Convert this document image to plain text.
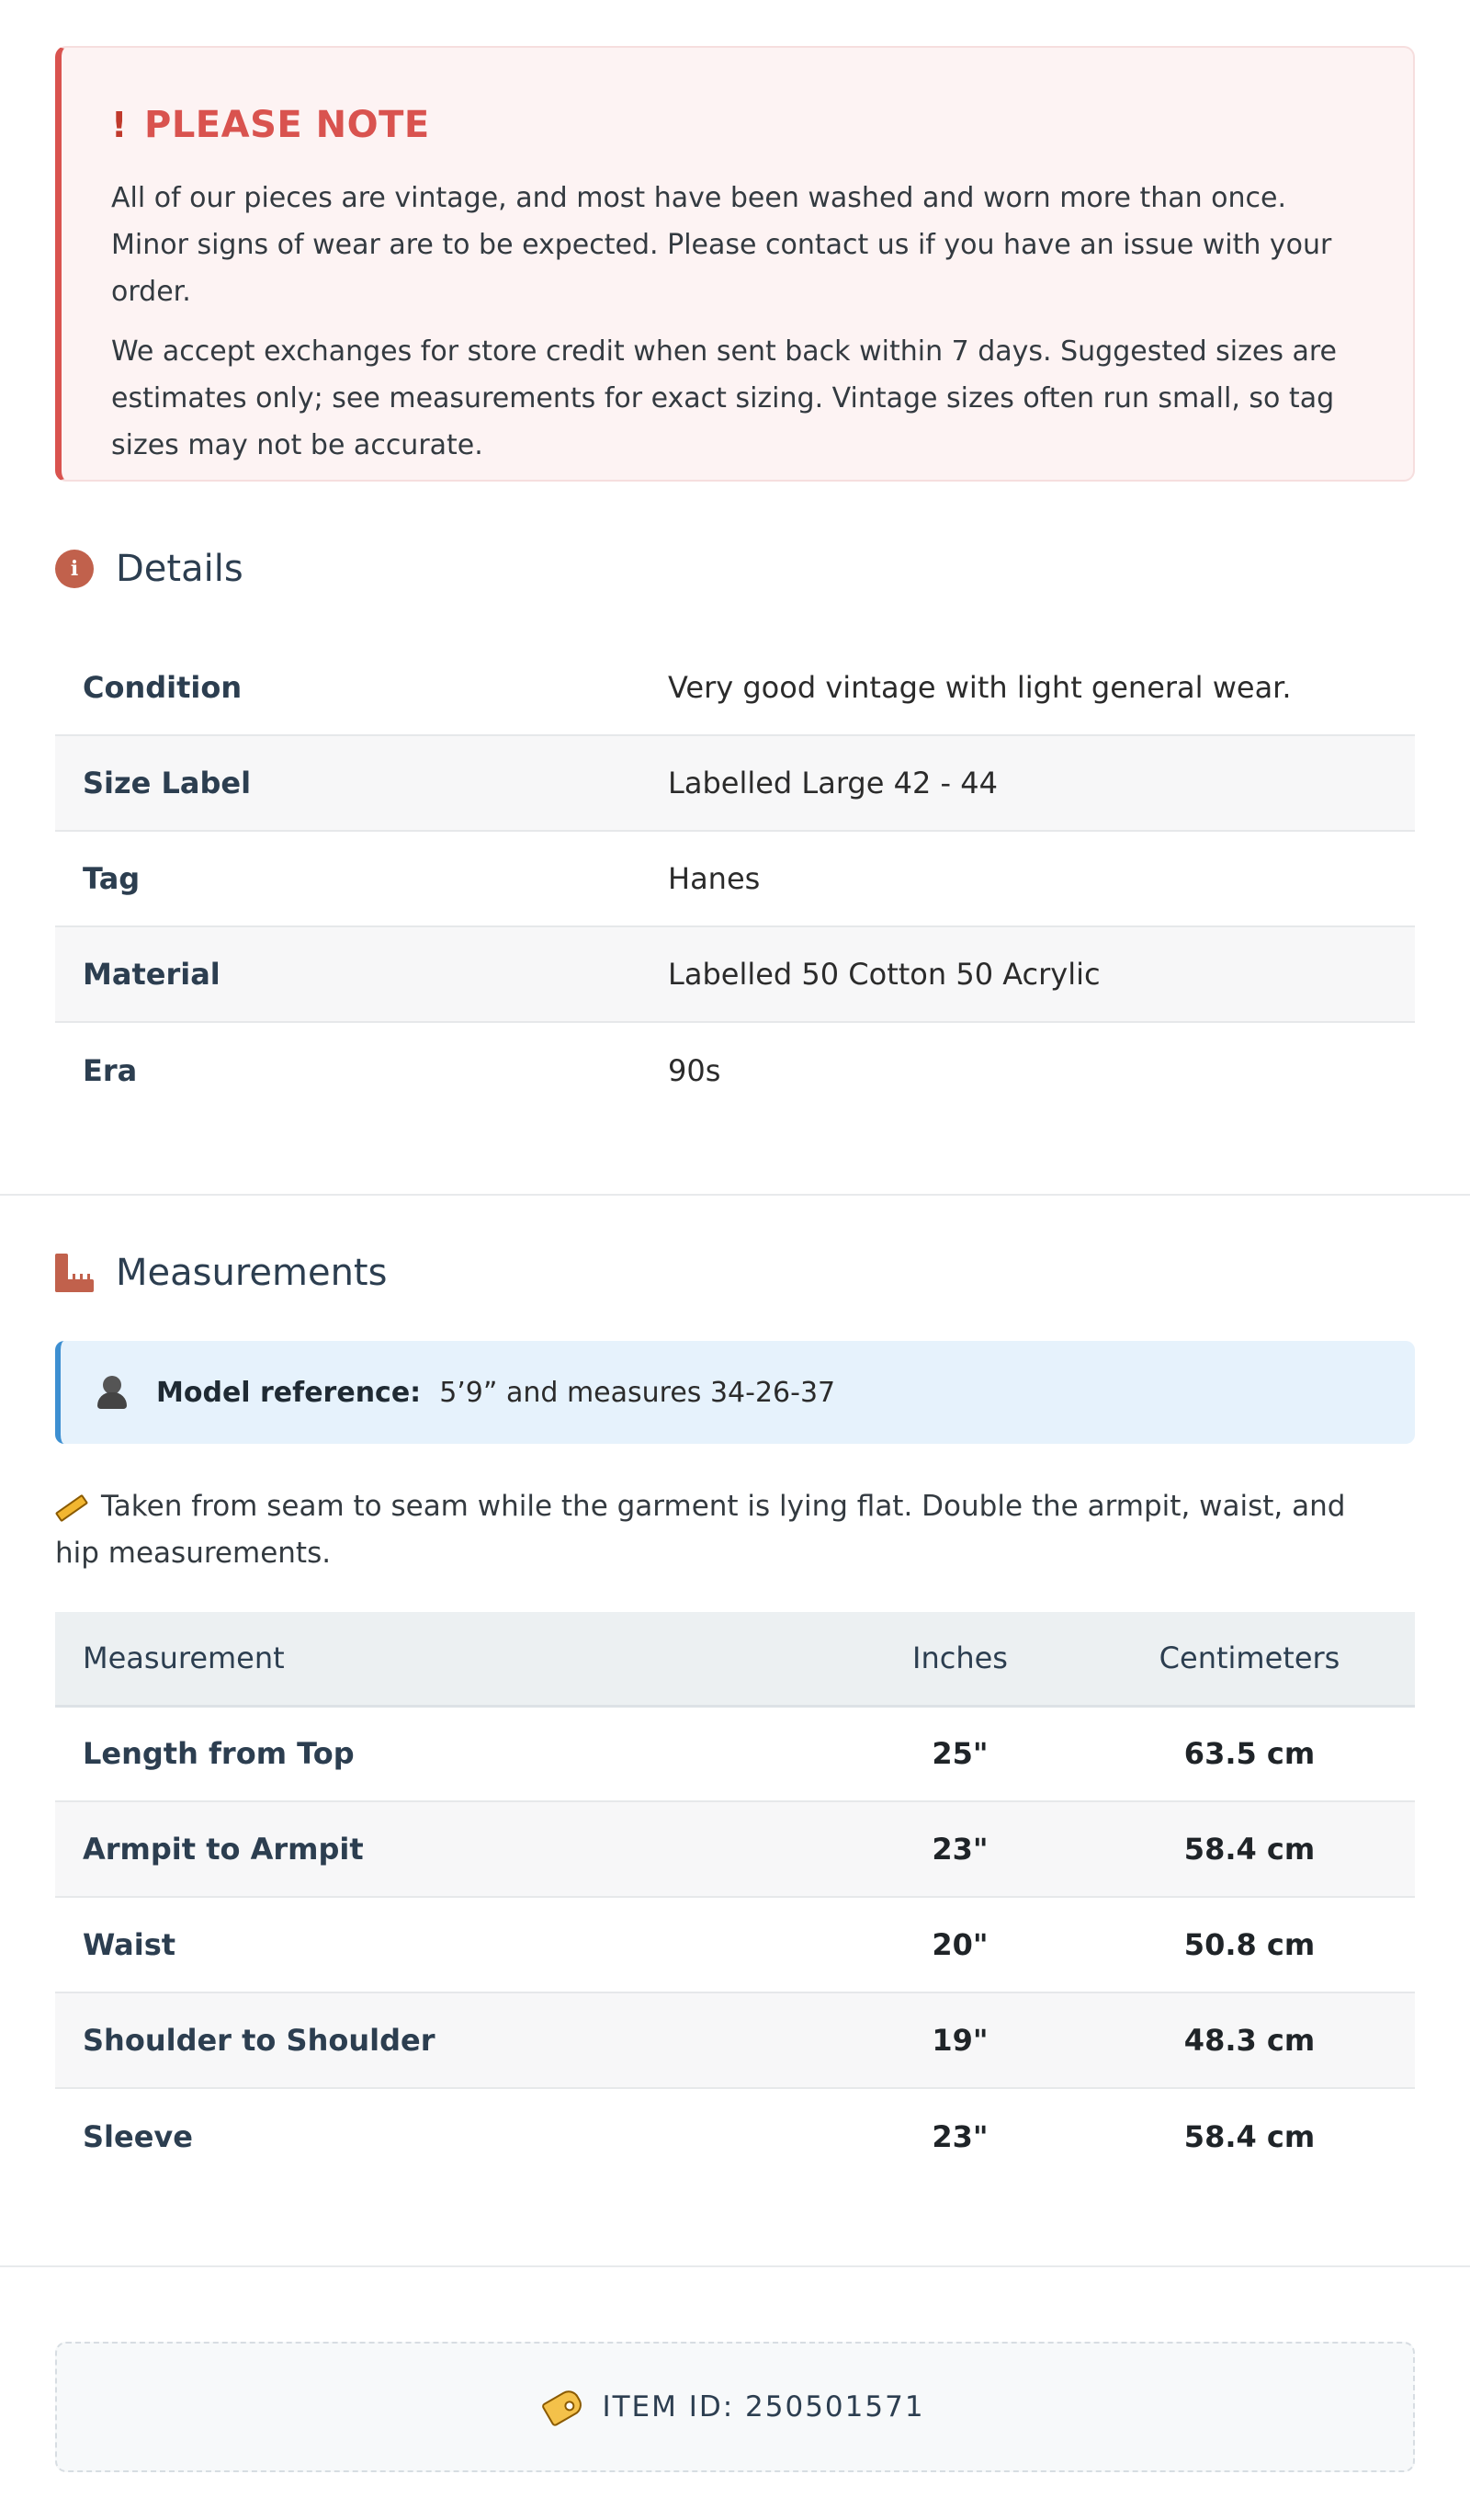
! PLEASE NOTE

All of our pieces are vintage, and most have been washed and worn more than once. Minor signs of wear are to be expected. Please contact us if you have an issue with your order.

We accept exchanges for store credit when sent back within 7 days. Suggested sizes are estimates only; see measurements for exact sizing. Vintage sizes often run small, so tag sizes may not be accurate.

i	Details
Condition	Very good vintage with light general wear.
Size Label	Labelled Large 42 - 44
Tag	Hanes
Material	Labelled 50 Cotton 50 Acrylic
Era	90s
Measurements
Model reference: 5’9” and measures 34-26-37
Taken from seam to seam while the garment is lying flat. Double the armpit, waist, and hip measurements.
Measurement	Inches	Centimeters
Length from Top	25"	63.5 cm
Armpit to Armpit	23"	58.4 cm
Waist	20"	50.8 cm
Shoulder to Shoulder	19"	48.3 cm
Sleeve	23"	58.4 cm
ITEM ID: 250501571
